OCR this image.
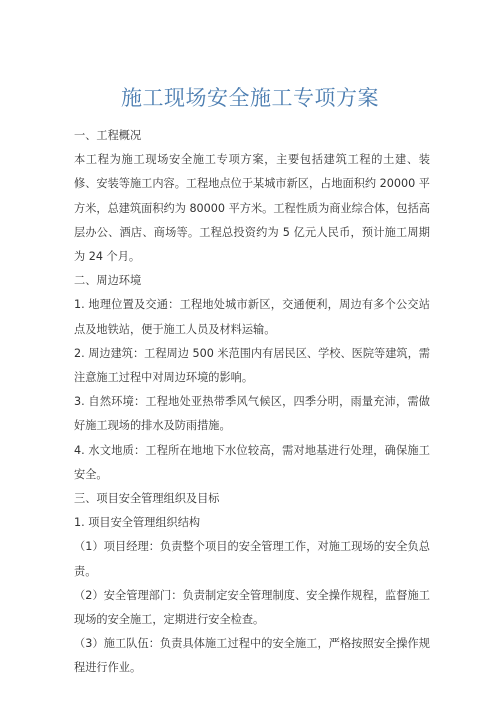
施工现场安全施工专项方案

一、工程概况

本工程为施工现场安全施工专项方案，主要包括建筑工程的土建、装修、安装等施工内容。工程地点位于某城市新区，占地面积约 20000 平方米，总建筑面积约为 80000 平方米。工程性质为商业综合体，包括高层办公、酒店、商场等。工程总投资约为 5 亿元人民币，预计施工周期为 24 个月。

二、周边环境

1. 地理位置及交通：工程地处城市新区，交通便利，周边有多个公交站点及地铁站，便于施工人员及材料运输。

2. 周边建筑：工程周边 500 米范围内有居民区、学校、医院等建筑，需注意施工过程中对周边环境的影响。

3. 自然环境：工程地处亚热带季风气候区，四季分明，雨量充沛，需做好施工现场的排水及防雨措施。

4. 水文地质：工程所在地地下水位较高，需对地基进行处理，确保施工安全。

三、项目安全管理组织及目标

1. 项目安全管理组织结构

（1）项目经理：负责整个项目的安全管理工作，对施工现场的安全负总责。

（2）安全管理部门：负责制定安全管理制度、安全操作规程，监督施工现场的安全施工，定期进行安全检查。

（3）施工队伍：负责具体施工过程中的安全施工，严格按照安全操作规程进行作业。
